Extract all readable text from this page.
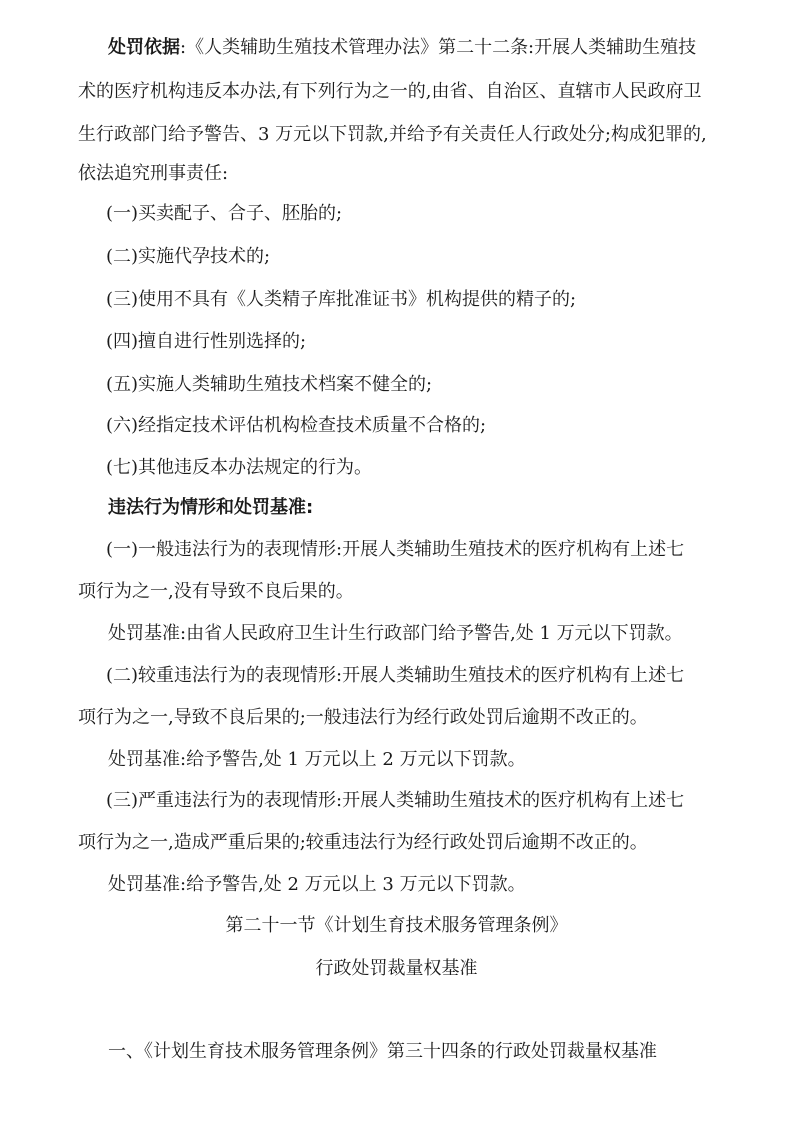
处罚依据:《人类辅助生殖技术管理办法》第二十二条:开展人类辅助生殖技
术的医疗机构违反本办法,有下列行为之一的,由省、自治区、直辖市人民政府卫
生行政部门给予警告、3 万元以下罚款,并给予有关责任人行政处分;构成犯罪的,
依法追究刑事责任:
(一)买卖配子、合子、胚胎的;
(二)实施代孕技术的;
(三)使用不具有《人类精子库批准证书》机构提供的精子的;
(四)擅自进行性别选择的;
(五)实施人类辅助生殖技术档案不健全的;
(六)经指定技术评估机构检查技术质量不合格的;
(七)其他违反本办法规定的行为。
违法行为情形和处罚基准:
(一)一般违法行为的表现情形:开展人类辅助生殖技术的医疗机构有上述七
项行为之一,没有导致不良后果的。
处罚基准:由省人民政府卫生计生行政部门给予警告,处 1 万元以下罚款。
(二)较重违法行为的表现情形:开展人类辅助生殖技术的医疗机构有上述七
项行为之一,导致不良后果的;一般违法行为经行政处罚后逾期不改正的。
处罚基准:给予警告,处 1 万元以上 2 万元以下罚款。
(三)严重违法行为的表现情形:开展人类辅助生殖技术的医疗机构有上述七
项行为之一,造成严重后果的;较重违法行为经行政处罚后逾期不改正的。
处罚基准:给予警告,处 2 万元以上 3 万元以下罚款。
第二十一节《计划生育技术服务管理条例》
行政处罚裁量权基准
一、《计划生育技术服务管理条例》第三十四条的行政处罚裁量权基准
